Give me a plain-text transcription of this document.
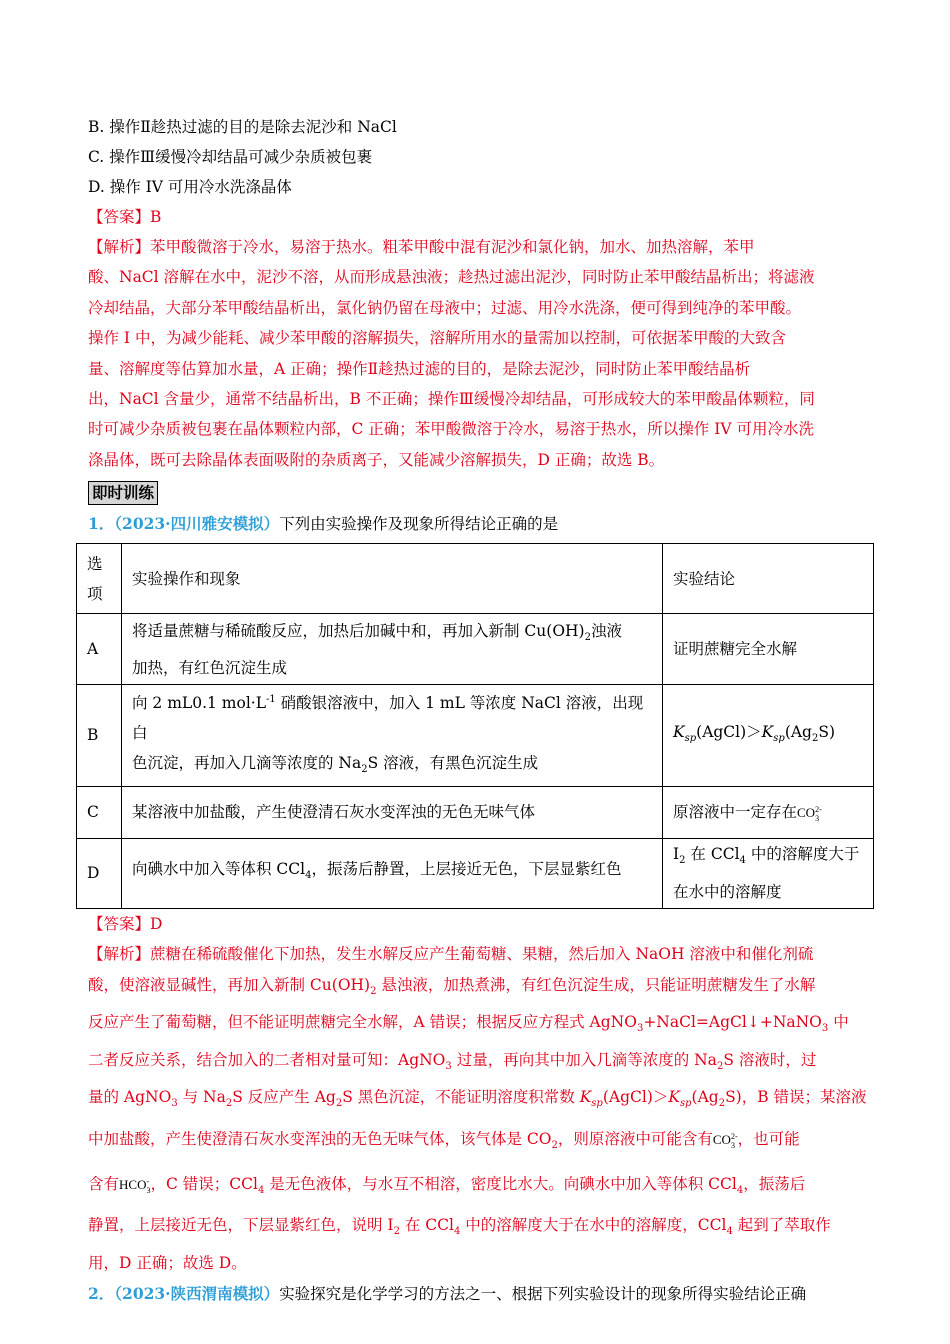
B. 操作Ⅱ趁热过滤的目的是除去泥沙和 NaCl
C. 操作Ⅲ缓慢冷却结晶可减少杂质被包裹
D. 操作 IV 可用冷水洗涤晶体
【答案】B
【解析】苯甲酸微溶于冷水，易溶于热水。粗苯甲酸中混有泥沙和氯化钠，加水、加热溶解，苯甲
酸、NaCl 溶解在水中，泥沙不溶，从而形成悬浊液；趁热过滤出泥沙，同时防止苯甲酸结晶析出；将滤液
冷却结晶，大部分苯甲酸结晶析出，氯化钠仍留在母液中；过滤、用冷水洗涤，便可得到纯净的苯甲酸。
操作 I 中，为减少能耗、减少苯甲酸的溶解损失，溶解所用水的量需加以控制，可依据苯甲酸的大致含
量、溶解度等估算加水量，A 正确；操作Ⅱ趁热过滤的目的，是除去泥沙，同时防止苯甲酸结晶析
出，NaCl 含量少，通常不结晶析出，B 不正确；操作Ⅲ缓慢冷却结晶，可形成较大的苯甲酸晶体颗粒，同
时可减少杂质被包裹在晶体颗粒内部，C 正确；苯甲酸微溶于冷水，易溶于热水，所以操作 IV 可用冷水洗
涤晶体，既可去除晶体表面吸附的杂质离子，又能减少溶解损失，D 正确；故选 B。
即时训练
1．（2023·四川雅安模拟）下列由实验操作及现象所得结论正确的是
选
项	实验操作和现象	实验结论
A	将适量蔗糖与稀硫酸反应，加热后加碱中和，再加入新制 $Cu(OH)_2$浊液
加热，有红色沉淀生成	证明蔗糖完全水解
B	向 2 mL0.1 $mol\cdot L^{-1}$ 硝酸银溶液中，加入 1 mL 等浓度 NaCl 溶液，出现白
色沉淀，再加入几滴等浓度的 $Na_2S$ 溶液，有黑色沉淀生成	$K_{sp}(AgCl)>K_{sp}(Ag_2S)$
C	某溶液中加盐酸，产生使澄清石灰水变浑浊的无色无味气体	原溶液中一定存在CO 2-
3

D	向碘水中加入等体积 CCl$_4$，振荡后静置，上层接近无色，下层显紫红色	$I_2$ 在 CCl$_4$ 中的溶解度大于
在水中的溶解度
【答案】D
【解析】蔗糖在稀硫酸催化下加热，发生水解反应产生葡萄糖、果糖，然后加入 NaOH 溶液中和催化剂硫
酸，使溶液显碱性，再加入新制 $Cu(OH)_2$ 悬浊液，加热煮沸，有红色沉淀生成，只能证明蔗糖发生了水解
反应产生了葡萄糖，但不能证明蔗糖完全水解，A 错误；根据反应方程式 AgNO$_3$+NaCl=AgCl↓+NaNO$_3$ 中
二者反应关系，结合加入的二者相对量可知：AgNO$_3$ 过量，再向其中加入几滴等浓度的 $Na_2S$ 溶液时，过
量的 AgNO$_3$ 与 $Na_2S$ 反应产生 $Ag_2S$ 黑色沉淀，不能证明溶度积常数 $K_{sp}(AgCl)>K_{sp}(Ag_2S)$，B 错误；某溶液
中加盐酸，产生使澄清石灰水变浑浊的无色无味气体，该气体是 $CO_2$，则原溶液中可能含有CO 2-
3 ，也可能
含有HCO -
3 ，C 错误；CCl$_4$ 是无色液体，与水互不相溶，密度比水大。向碘水中加入等体积 CCl$_4$，振荡后
静置，上层接近无色，下层显紫红色，说明 $I_2$ 在 CCl$_4$ 中的溶解度大于在水中的溶解度，CCl$_4$ 起到了萃取作
用，D 正确；故选 D。
2．（2023·陕西渭南模拟）实验探究是化学学习的方法之一、根据下列实验设计的现象所得实验结论正确
